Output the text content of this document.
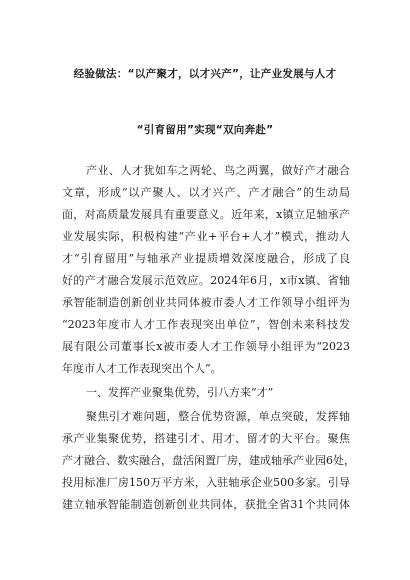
经验做法：“以产聚才，以才兴产”，让产业发展与人才
“引育留用”实现“双向奔赴”
产业、人才犹如车之两轮、鸟之两翼，做好产才融合
文章，形成“以产聚人、以才兴产、产才融合”的生动局
面，对高质量发展具有重要意义。近年来，x镇立足轴承产
业发展实际，积极构建“产业+平台+人才”模式，推动人
才“引育留用”与轴承产业提质增效深度融合，形成了良
好的产才融合发展示范效应。2024年6月，x市x镇、省轴
承智能制造创新创业共同体被市委人才工作领导小组评为
“2023年度市人才工作表现突出单位”，智创未来科技发
展有限公司董事长x被市委人才工作领导小组评为“2023
年度市人才工作表现突出个人”。
一、发挥产业聚集优势，引八方来“才”
聚焦引才难问题，整合优势资源，单点突破，发挥轴
承产业集聚优势，搭建引才、用才、留才的大平台。聚焦
产才融合、数实融合，盘活闲置厂房，建成轴承产业园6处，
投用标准厂房150万平方米，入驻轴承企业500多家。引导
建立轴承智能制造创新创业共同体，获批全省31个共同体
